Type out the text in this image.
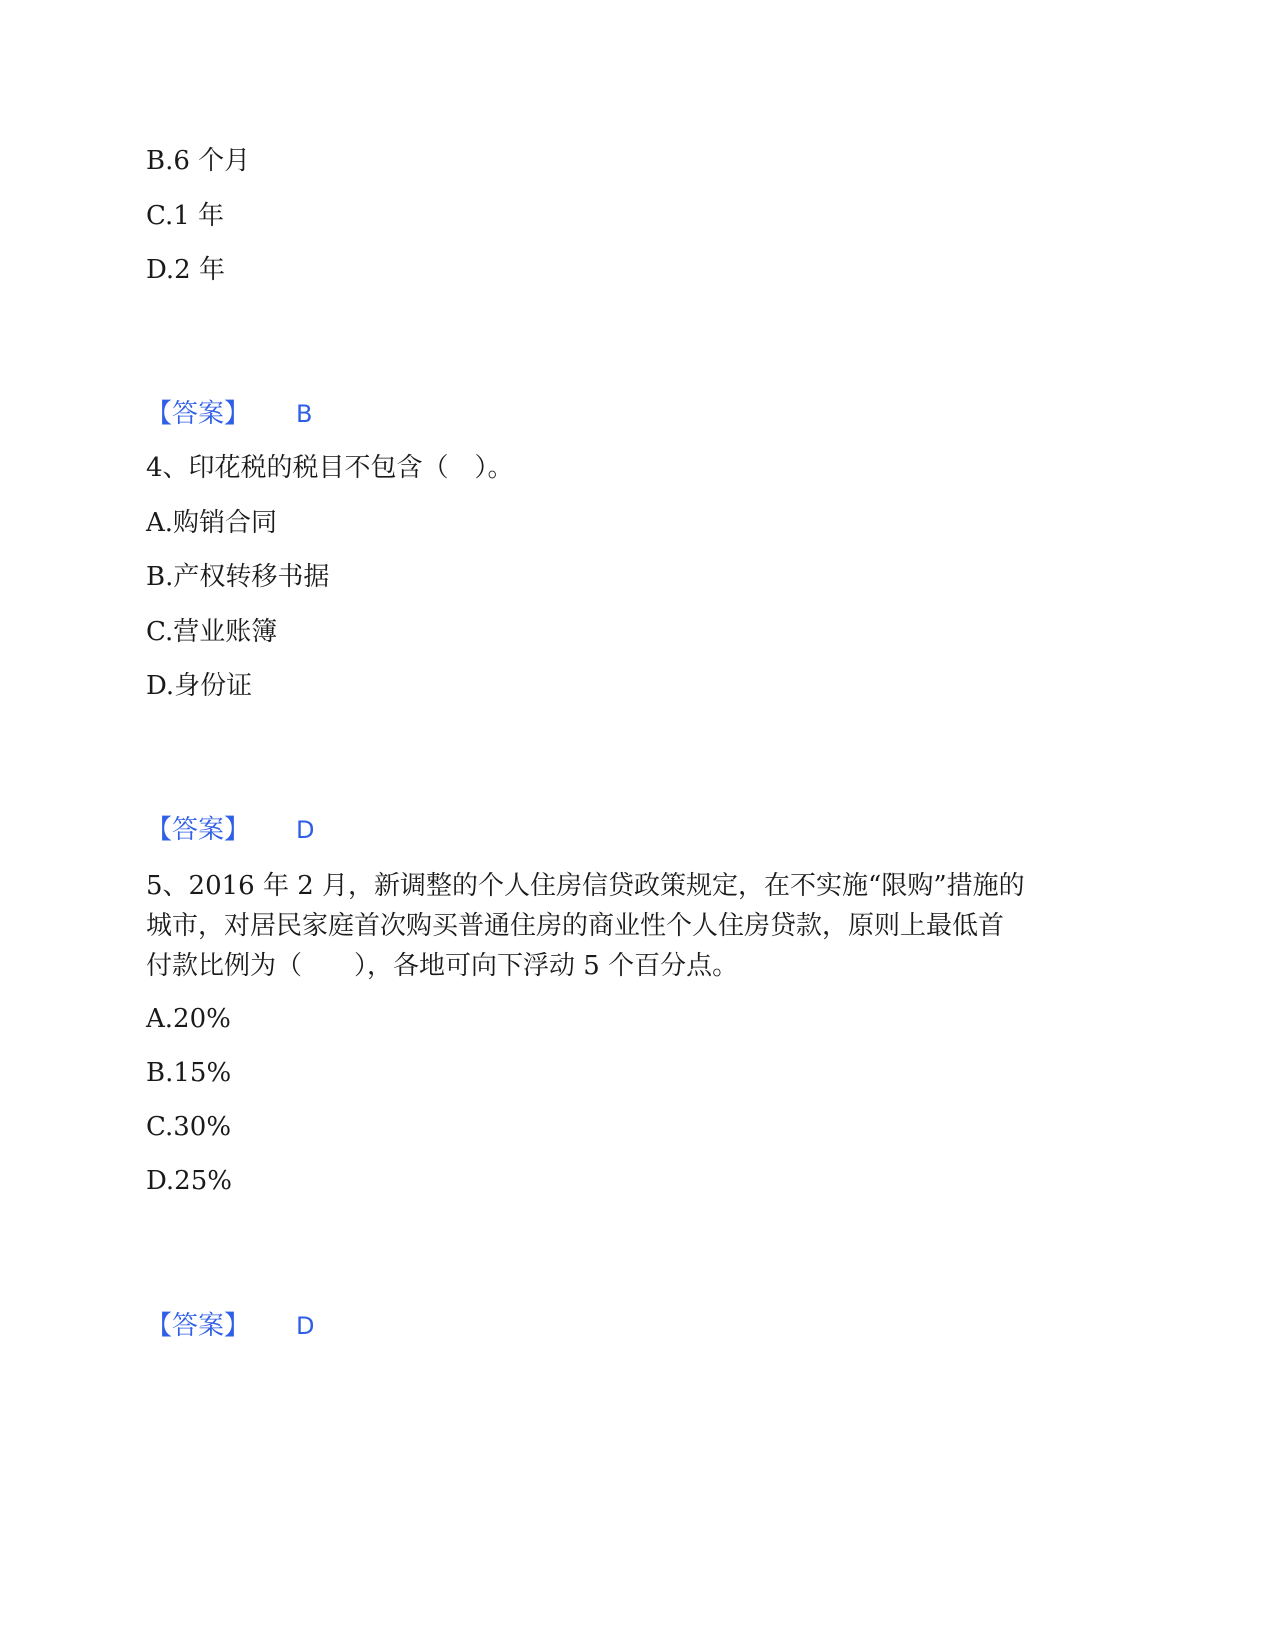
B.6 个月
C.1 年
D.2 年
【答案】 B
4、印花税的税目不包含（　）。
A.购销合同
B.产权转移书据
C.营业账簿
D.身份证
【答案】 D
5、2016 年 2 月，新调整的个人住房信贷政策规定，在不实施“限购”措施的
城市，对居民家庭首次购买普通住房的商业性个人住房贷款，原则上最低首
付款比例为（　　），各地可向下浮动 5 个百分点。
A.20%
B.15%
C.30%
D.25%
【答案】 D
